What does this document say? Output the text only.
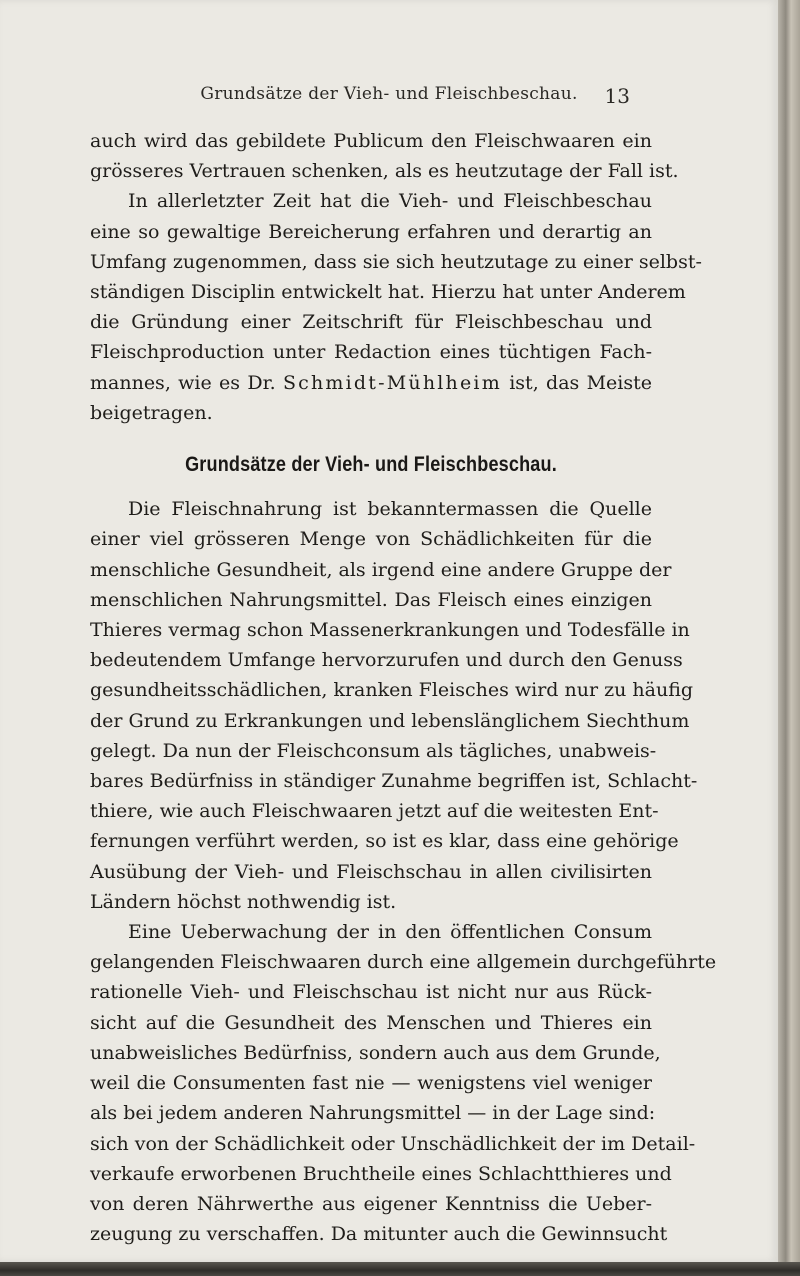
Grundsätze der Vieh- und Fleischbeschau.	13
auch wird das gebildete Publicum den Fleischwaaren ein
grösseres Vertrauen schenken, als es heutzutage der Fall ist.
In allerletzter Zeit hat die Vieh- und Fleischbeschau
eine so gewaltige Bereicherung erfahren und derartig an
Umfang zugenommen, dass sie sich heutzutage zu einer selbst-
ständigen Disciplin entwickelt hat. Hierzu hat unter Anderem
die Gründung einer Zeitschrift für Fleischbeschau und
Fleischproduction unter Redaction eines tüchtigen Fach-
mannes, wie es Dr. Schmidt-Mühlheim ist, das Meiste
beigetragen.
Grundsätze der Vieh- und Fleischbeschau.
Die Fleischnahrung ist bekanntermassen die Quelle
einer viel grösseren Menge von Schädlichkeiten für die
menschliche Gesundheit, als irgend eine andere Gruppe der
menschlichen Nahrungsmittel. Das Fleisch eines einzigen
Thieres vermag schon Massenerkrankungen und Todesfälle in
bedeutendem Umfange hervorzurufen und durch den Genuss
gesundheitsschädlichen, kranken Fleisches wird nur zu häufig
der Grund zu Erkrankungen und lebenslänglichem Siechthum
gelegt. Da nun der Fleischconsum als tägliches, unabweis-
bares Bedürfniss in ständiger Zunahme begriffen ist, Schlacht-
thiere, wie auch Fleischwaaren jetzt auf die weitesten Ent-
fernungen verführt werden, so ist es klar, dass eine gehörige
Ausübung der Vieh- und Fleischschau in allen civilisirten
Ländern höchst nothwendig ist.
Eine Ueberwachung der in den öffentlichen Consum
gelangenden Fleischwaaren durch eine allgemein durchgeführte
rationelle Vieh- und Fleischschau ist nicht nur aus Rück-
sicht auf die Gesundheit des Menschen und Thieres ein
unabweisliches Bedürfniss, sondern auch aus dem Grunde,
weil die Consumenten fast nie — wenigstens viel weniger
als bei jedem anderen Nahrungsmittel — in der Lage sind:
sich von der Schädlichkeit oder Unschädlichkeit der im Detail-
verkaufe erworbenen Bruchtheile eines Schlachtthieres und
von deren Nährwerthe aus eigener Kenntniss die Ueber-
zeugung zu verschaffen. Da mitunter auch die Gewinnsucht
